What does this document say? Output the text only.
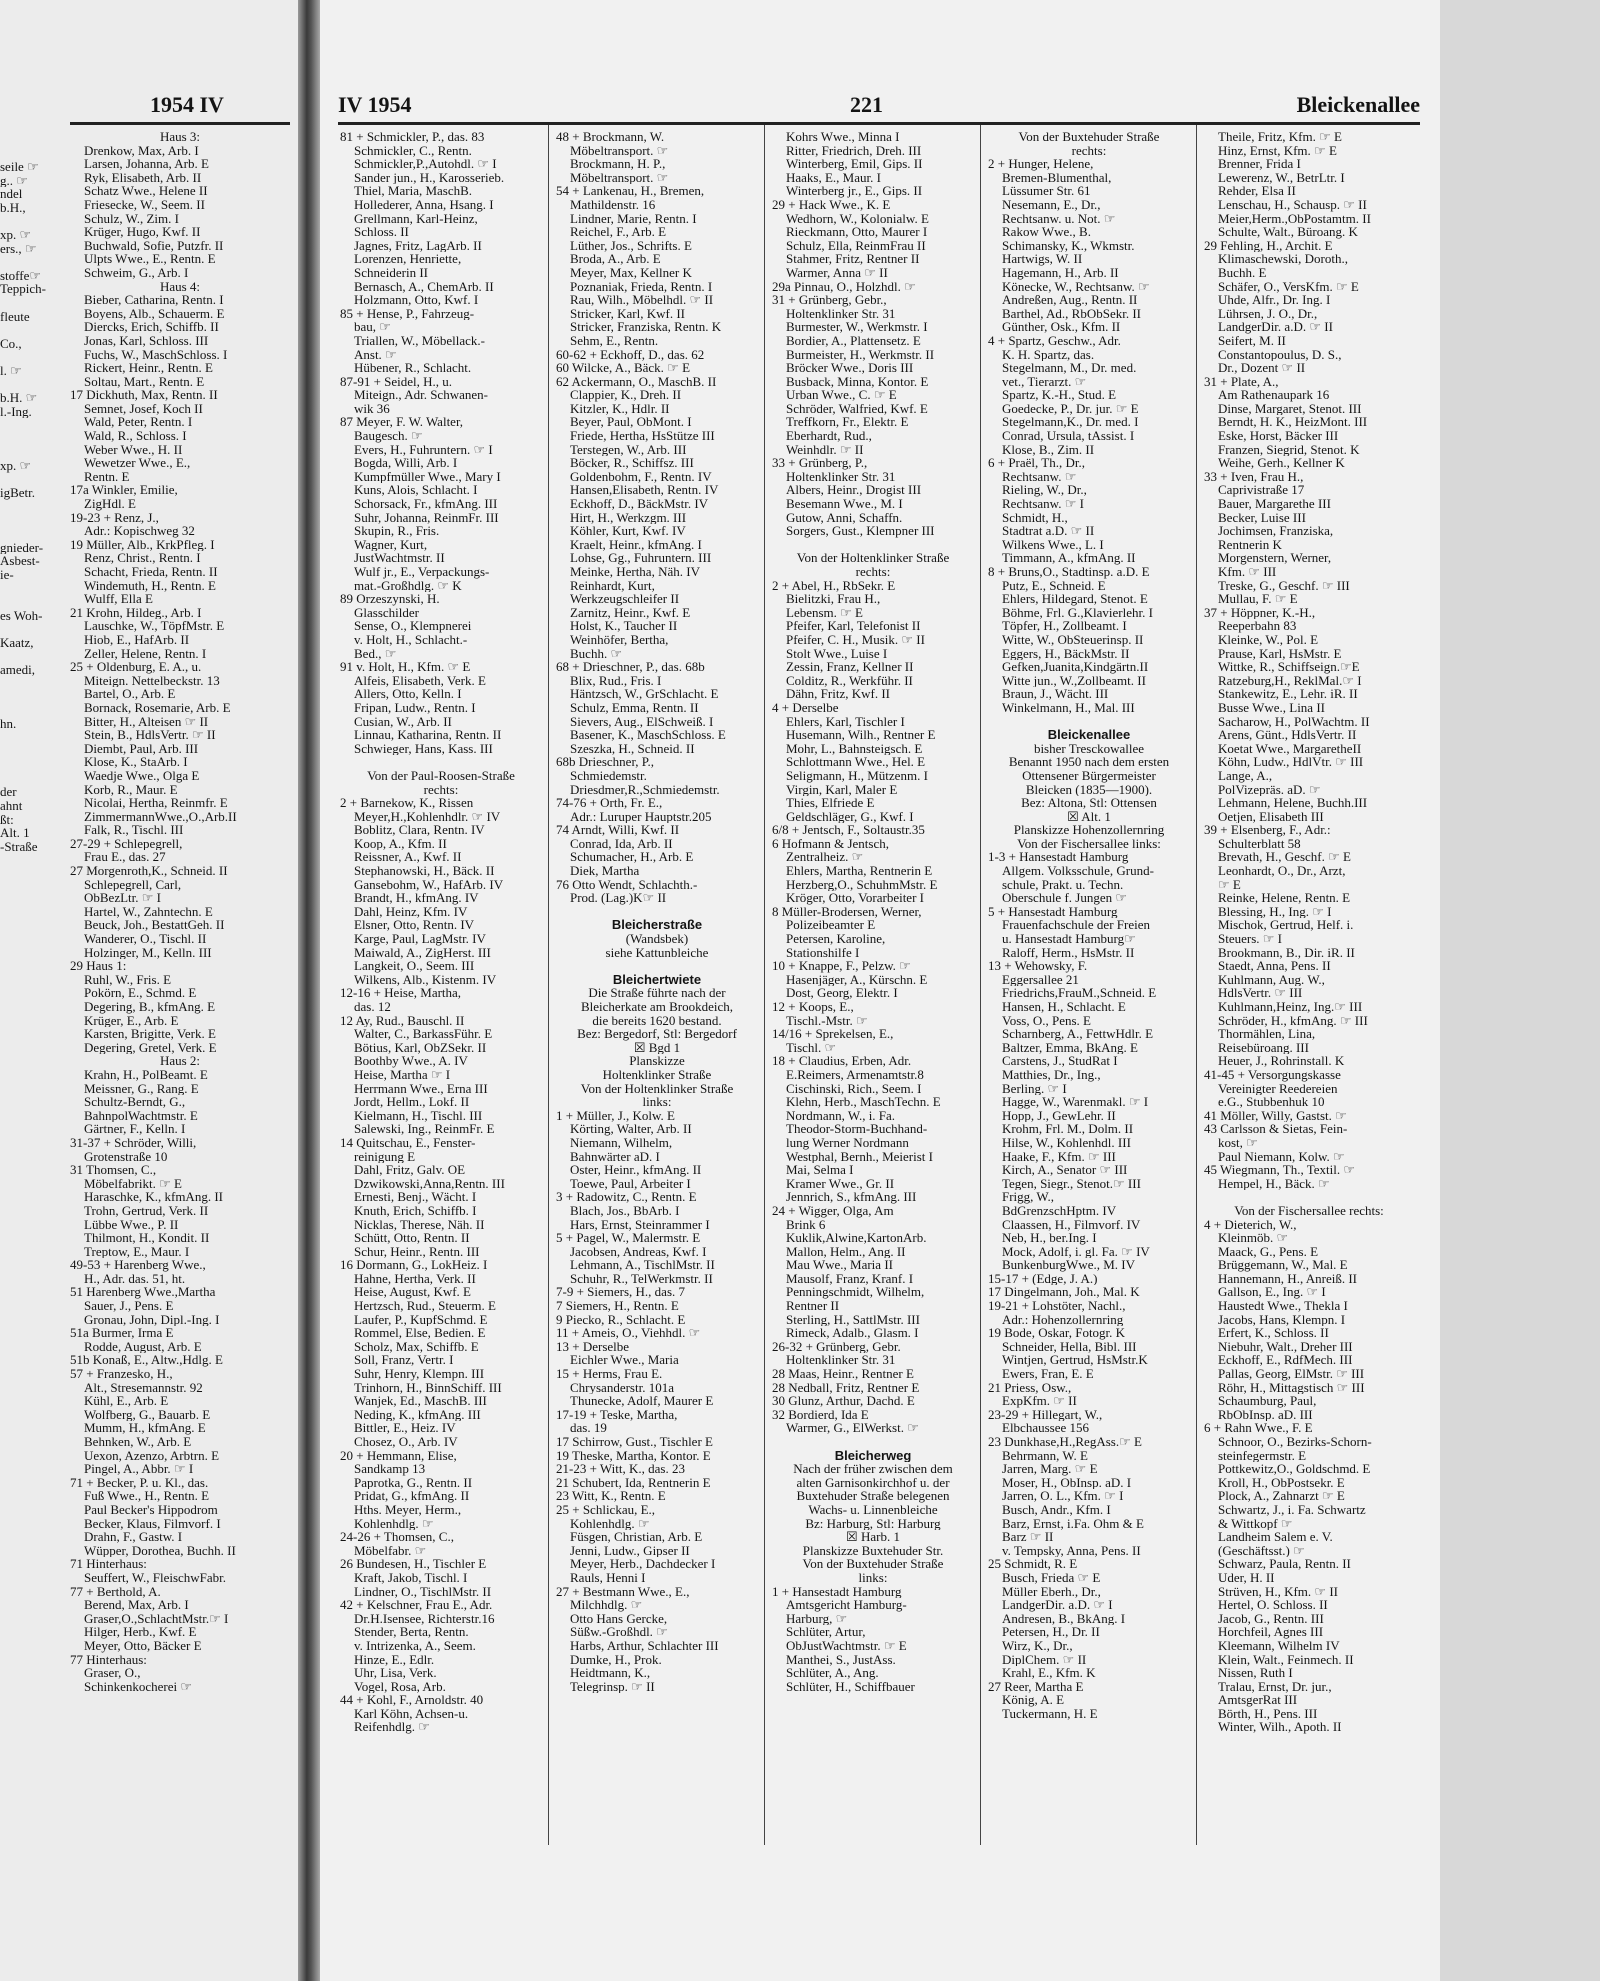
seile ☞
g.. ☞
ndel
b.H.,
xp. ☞
ers., ☞
stoffe☞
Teppich-
fleute
Co.,
l. ☞
b.H. ☞
l.-Ing.
xp. ☞
igBetr.
gnieder-
Asbest-
ie-
es Woh-
Kaatz,
amedi,
hn.
der
ahnt
ßt:
Alt. 1
-Straße
1954 IV
Haus 3:
Drenkow, Max, Arb. I
Larsen, Johanna, Arb. E
Ryk, Elisabeth, Arb. II
Schatz Wwe., Helene II
Friesecke, W., Seem. II
Schulz, W., Zim. I
Krüger, Hugo, Kwf. II
Buchwald, Sofie, Putzfr. II
Ulpts Wwe., E., Rentn. E
Schweim, G., Arb. I
Haus 4:
Bieber, Catharina, Rentn. I
Boyens, Alb., Schauerm. E
Diercks, Erich, Schiffb. II
Jonas, Karl, Schloss. III
Fuchs, W., MaschSchloss. I
Rickert, Heinr., Rentn. E
Soltau, Mart., Rentn. E
17 Dickhuth, Max, Rentn. II
Semnet, Josef, Koch II
Wald, Peter, Rentn. I
Wald, R., Schloss. I
Weber Wwe., H. II
Wewetzer Wwe., E.,
Rentn. E
17a Winkler, Emilie,
ZigHdl. E
19-23 + Renz, J.,
Adr.: Kopischweg 32
19 Müller, Alb., KrkPfleg. I
Renz, Christ., Rentn. I
Schacht, Frieda, Rentn. II
Windemuth, H., Rentn. E
Wulff, Ella E
21 Krohn, Hildeg., Arb. I
Lauschke, W., TöpfMstr. E
Hiob, E., HafArb. II
Zeller, Helene, Rentn. I
25 + Oldenburg, E. A., u.
Miteign. Nettelbeckstr. 13
Bartel, O., Arb. E
Bornack, Rosemarie, Arb. E
Bitter, H., Alteisen ☞ II
Stein, B., HdlsVertr. ☞ II
Diembt, Paul, Arb. III
Klose, K., StaArb. I
Waedje Wwe., Olga E
Korb, R., Maur. E
Nicolai, Hertha, Reinmfr. E
ZimmermannWwe.,O.,Arb.II
Falk, R., Tischl. III
27-29 + Schlepegrell,
Frau E., das. 27
27 Morgenroth,K., Schneid. II
Schlepegrell, Carl,
ObBezLtr. ☞ I
Hartel, W., Zahntechn. E
Beuck, Joh., BestattGeh. II
Wanderer, O., Tischl. II
Holzinger, M., Kelln. III
29 Haus 1:
Ruhl, W., Fris. E
Pokörn, E., Schmd. E
Degering, B., kfmAng. E
Krüger, E., Arb. E
Karsten, Brigitte, Verk. E
Degering, Gretel, Verk. E
Haus 2:
Krahn, H., PolBeamt. E
Meissner, G., Rang. E
Schultz-Berndt, G.,
BahnpolWachtmstr. E
Gärtner, F., Kelln. I
31-37 + Schröder, Willi,
Grotenstraße 10
31 Thomsen, C.,
Möbelfabrikt. ☞ E
Haraschke, K., kfmAng. II
Trohn, Gertrud, Verk. II
Lübbe Wwe., P. II
Thilmont, H., Kondit. II
Treptow, E., Maur. I
49-53 + Harenberg Wwe.,
H., Adr. das. 51, ht.
51 Harenberg Wwe.,Martha
Sauer, J., Pens. E
Gronau, John, Dipl.-Ing. I
51a Burmer, Irma E
Rodde, August, Arb. E
51b Konaß, E., Altw.,Hdlg. E
57 + Franzesko, H.,
Alt., Stresemannstr. 92
Kühl, E., Arb. E
Wolfberg, G., Bauarb. E
Mumm, H., kfmAng. E
Behnken, W., Arb. E
Uexon, Azenzo, Arbtrn. E
Pingel, A., Abbr. ☞ I
71 + Becker, P. u. Kl., das.
Fuß Wwe., H., Rentn. E
Paul Becker's Hippodrom
Becker, Klaus, Filmvorf. I
Drahn, F., Gastw. I
Wüpper, Dorothea, Buchh. II
71 Hinterhaus:
Seuffert, W., FleischwFabr.
77 + Berthold, A.
Berend, Max, Arb. I
Graser,O.,SchlachtMstr.☞ I
Hilger, Herb., Kwf. E
Meyer, Otto, Bäcker E
77 Hinterhaus:
Graser, O.,
Schinkenkocherei ☞
IV 1954	221	Bleickenallee
81 + Schmickler, P., das. 83
Schmickler, C., Rentn.
Schmickler,P.,Autohdl. ☞ I
Sander jun., H., Karosserieb.
Thiel, Maria, MaschB.
Hollederer, Anna, Hsang. I
Grellmann, Karl-Heinz,
Schloss. II
Jagnes, Fritz, LagArb. II
Lorenzen, Henriette,
Schneiderin II
Bernasch, A., ChemArb. II
Holzmann, Otto, Kwf. I
85 + Hense, P., Fahrzeug-
bau, ☞
Triallen, W., Möbellack.-
Anst. ☞
Hübener, R., Schlacht.
87-91 + Seidel, H., u.
Miteign., Adr. Schwanen-
wik 36
87 Meyer, F. W. Walter,
Baugesch. ☞
Evers, H., Fuhruntern. ☞ I
Bogda, Willi, Arb. I
Kumpfmüller Wwe., Mary I
Kuns, Alois, Schlacht. I
Schorsack, Fr., kfmAng. III
Suhr, Johanna, ReinmFr. III
Skupin, R., Fris.
Wagner, Kurt,
JustWachtmstr. II
Wulf jr., E., Verpackungs-
mat.-Großhdlg. ☞ K
89 Orzeszynski, H.
Glasschilder
Sense, O., Klempnerei
v. Holt, H., Schlacht.-
Bed., ☞
91 v. Holt, H., Kfm. ☞ E
Alfeis, Elisabeth, Verk. E
Allers, Otto, Kelln. I
Fripan, Ludw., Rentn. I
Cusian, W., Arb. II
Linnau, Katharina, Rentn. II
Schwieger, Hans, Kass. III
Von der Paul-Roosen-Straße
rechts:
2 + Barnekow, K., Rissen
Meyer,H.,Kohlenhdlr. ☞ IV
Boblitz, Clara, Rentn. IV
Koop, A., Kfm. II
Reissner, A., Kwf. II
Stephanowski, H., Bäck. II
Gansebohm, W., HafArb. IV
Brandt, H., kfmAng. IV
Dahl, Heinz, Kfm. IV
Elsner, Otto, Rentn. IV
Karge, Paul, LagMstr. IV
Maiwald, A., ZigHerst. III
Langkeit, O., Seem. III
Wilkens, Alb., Kistenm. IV
12-16 + Heise, Martha,
das. 12
12 Ay, Rud., Bauschl. II
Walter, C., BarkassFühr. E
Bötius, Karl, ObZSekr. II
Boothby Wwe., A. IV
Heise, Martha ☞ I
Herrmann Wwe., Erna III
Jordt, Hellm., Lokf. II
Kielmann, H., Tischl. III
Salewski, Ing., ReinmFr. E
14 Quitschau, E., Fenster-
reinigung E
Dahl, Fritz, Galv. OE
Dzwikowski,Anna,Rentn. III
Ernesti, Benj., Wächt. I
Knuth, Erich, Schiffb. I
Nicklas, Therese, Näh. II
Schütt, Otto, Rentn. II
Schur, Heinr., Rentn. III
16 Dormann, G., LokHeiz. I
Hahne, Hertha, Verk. II
Heise, August, Kwf. E
Hertzsch, Rud., Steuerm. E
Laufer, P., KupfSchmd. E
Rommel, Else, Bedien. E
Scholz, Max, Schiffb. E
Soll, Franz, Vertr. I
Suhr, Henry, Klempn. III
Trinhorn, H., BinnSchiff. III
Wanjek, Ed., MaschB. III
Neding, K., kfmAng. III
Bittler, E., Heiz. IV
Chosez, O., Arb. IV
20 + Hemmann, Elise,
Sandkamp 13
Paprotka, G., Rentn. II
Pridat, G., kfmAng. II
Hths. Meyer, Herm.,
Kohlenhdlg. ☞
24-26 + Thomsen, C.,
Möbelfabr. ☞
26 Bundesen, H., Tischler E
Kraft, Jakob, Tischl. I
Lindner, O., TischlMstr. II
42 + Kelschner, Frau E., Adr.
Dr.H.Isensee, Richterstr.16
Stender, Berta, Rentn.
v. Intrizenka, A., Seem.
Hinze, E., Edlr.
Uhr, Lisa, Verk.
Vogel, Rosa, Arb.
44 + Kohl, F., Arnoldstr. 40
Karl Köhn, Achsen-u.
Reifenhdlg. ☞
48 + Brockmann, W.
Möbeltransport. ☞
Brockmann, H. P.,
Möbeltransport. ☞
54 + Lankenau, H., Bremen,
Mathildenstr. 16
Lindner, Marie, Rentn. I
Reichel, F., Arb. E
Lüther, Jos., Schrifts. E
Broda, A., Arb. E
Meyer, Max, Kellner K
Poznaniak, Frieda, Rentn. I
Rau, Wilh., Möbelhdl. ☞ II
Stricker, Karl, Kwf. II
Stricker, Franziska, Rentn. K
Sehm, E., Rentn.
60-62 + Eckhoff, D., das. 62
60 Wilcke, A., Bäck. ☞ E
62 Ackermann, O., MaschB. II
Clappier, K., Dreh. II
Kitzler, K., Hdlr. II
Beyer, Paul, ObMont. I
Friede, Hertha, HsStütze III
Terstegen, W., Arb. III
Böcker, R., Schiffsz. III
Goldenbohm, F., Rentn. IV
Hansen,Elisabeth, Rentn. IV
Eckhoff, D., BäckMstr. IV
Hirt, H., Werkzgm. III
Köhler, Kurt, Kwf. IV
Kraelt, Heinr., kfmAng. I
Lohse, Gg., Fuhruntern. III
Meinke, Hertha, Näh. IV
Reinhardt, Kurt,
Werkzeugschleifer II
Zarnitz, Heinr., Kwf. E
Holst, K., Taucher II
Weinhöfer, Bertha,
Buchh. ☞
68 + Drieschner, P., das. 68b
Blix, Rud., Fris. I
Häntzsch, W., GrSchlacht. E
Schulz, Emma, Rentn. II
Sievers, Aug., ElSchweiß. I
Basener, K., MaschSchloss. E
Szeszka, H., Schneid. II
68b Drieschner, P.,
Schmiedemstr.
Driesdmer,R.,Schmiedemstr.
74-76 + Orth, Fr. E.,
Adr.: Luruper Hauptstr.205
74 Arndt, Willi, Kwf. II
Conrad, Ida, Arb. II
Schumacher, H., Arb. E
Diek, Martha
76 Otto Wendt, Schlachth.-
Prod. (Lag.)K☞ II
Bleicherstraße
(Wandsbek)
siehe Kattunbleiche
Bleichertwiete
Die Straße führte nach der
Bleicherkate am Brookdeich,
die bereits 1620 bestand.
Bez: Bergedorf, Stl: Bergedorf
☒ Bgd 1
Planskizze
Holtenklinker Straße
Von der Holtenklinker Straße
links:
1 + Müller, J., Kolw. E
Körting, Walter, Arb. II
Niemann, Wilhelm,
Bahnwärter aD. I
Oster, Heinr., kfmAng. II
Toewe, Paul, Arbeiter I
3 + Radowitz, C., Rentn. E
Blach, Jos., BbArb. I
Hars, Ernst, Steinrammer I
5 + Pagel, W., Malermstr. E
Jacobsen, Andreas, Kwf. I
Lehmann, A., TischlMstr. II
Schuhr, R., TelWerkmstr. II
7-9 + Siemers, H., das. 7
7 Siemers, H., Rentn. E
9 Piecko, R., Schlacht. E
11 + Ameis, O., Viehhdl. ☞
13 + Derselbe
Eichler Wwe., Maria
15 + Herms, Frau E.
Chrysanderstr. 101a
Thunecke, Adolf, Maurer E
17-19 + Teske, Martha,
das. 19
17 Schirrow, Gust., Tischler E
19 Theske, Martha, Kontor. E
21-23 + Witt, K., das. 23
21 Schubert, Ida, Rentnerin E
23 Witt, K., Rentn. E
25 + Schlickau, E.,
Kohlenhdlg. ☞
Füsgen, Christian, Arb. E
Jenni, Ludw., Gipser II
Meyer, Herb., Dachdecker I
Rauls, Henni I
27 + Bestmann Wwe., E.,
Milchhdlg. ☞
Otto Hans Gercke,
Süßw.-Großhdl. ☞
Harbs, Arthur, Schlachter III
Dumke, H., Prok.
Heidtmann, K.,
Telegrinsp. ☞ II
Kohrs Wwe., Minna I
Ritter, Friedrich, Dreh. III
Winterberg, Emil, Gips. II
Haaks, E., Maur. I
Winterberg jr., E., Gips. II
29 + Hack Wwe., K. E
Wedhorn, W., Kolonialw. E
Rieckmann, Otto, Maurer I
Schulz, Ella, ReinmFrau II
Stahmer, Fritz, Rentner II
Warmer, Anna ☞ II
29a Pinnau, O., Holzhdl. ☞
31 + Grünberg, Gebr.,
Holtenklinker Str. 31
Burmester, W., Werkmstr. I
Bordier, A., Plattensetz. E
Burmeister, H., Werkmstr. II
Bröcker Wwe., Doris III
Busback, Minna, Kontor. E
Urban Wwe., C. ☞ E
Schröder, Walfried, Kwf. E
Treffkorn, Fr., Elektr. E
Eberhardt, Rud.,
Weinhdlr. ☞ II
33 + Grünberg, P.,
Holtenklinker Str. 31
Albers, Heinr., Drogist III
Besemann Wwe., M. I
Gutow, Anni, Schaffn.
Sorgers, Gust., Klempner III
Von der Holtenklinker Straße
rechts:
2 + Abel, H., RbSekr. E
Bielitzki, Frau H.,
Lebensm. ☞ E
Pfeifer, Karl, Telefonist II
Pfeifer, C. H., Musik. ☞ II
Stolt Wwe., Luise I
Zessin, Franz, Kellner II
Colditz, R., Werkführ. II
Dähn, Fritz, Kwf. II
4 + Derselbe
Ehlers, Karl, Tischler I
Husemann, Wilh., Rentner E
Mohr, L., Bahnsteigsch. E
Schlottmann Wwe., Hel. E
Seligmann, H., Mützenm. I
Virgin, Karl, Maler E
Thies, Elfriede E
Geldschläger, G., Kwf. I
6/8 + Jentsch, F., Soltaustr.35
6 Hofmann & Jentsch,
Zentralheiz. ☞
Ehlers, Martha, Rentnerin E
Herzberg,O., SchuhmMstr. E
Kröger, Otto, Vorarbeiter I
8 Müller-Brodersen, Werner,
Polizeibeamter E
Petersen, Karoline,
Stationshilfe I
10 + Knappe, F., Pelzw. ☞
Hasenjäger, A., Kürschn. E
Dost, Georg, Elektr. I
12 + Koops, E.,
Tischl.-Mstr. ☞
14/16 + Sprekelsen, E.,
Tischl. ☞
18 + Claudius, Erben, Adr.
E.Reimers, Armenamtstr.8
Cischinski, Rich., Seem. I
Klehn, Herb., MaschTechn. E
Nordmann, W., i. Fa.
Theodor-Storm-Buchhand-
lung Werner Nordmann
Westphal, Bernh., Meierist I
Mai, Selma I
Kramer Wwe., Gr. II
Jennrich, S., kfmAng. III
24 + Wigger, Olga, Am
Brink 6
Kuklik,Alwine,KartonArb.
Mallon, Helm., Ang. II
Mau Wwe., Maria II
Mausolf, Franz, Kranf. I
Penningschmidt, Wilhelm,
Rentner II
Sterling, H., SattlMstr. III
Rimeck, Adalb., Glasm. I
26-32 + Grünberg, Gebr.
Holtenklinker Str. 31
28 Maas, Heinr., Rentner E
28 Nedball, Fritz, Rentner E
30 Glunz, Arthur, Dachd. E
32 Bordierd, Ida E
Warmer, G., ElWerkst. ☞
Bleicherweg
Nach der früher zwischen dem
alten Garnisonkirchhof u. der
Buxtehuder Straße belegenen
Wachs- u. Linnenbleiche
Bz: Harburg, Stl: Harburg
☒ Harb. 1
Planskizze Buxtehuder Str.
Von der Buxtehuder Straße
links:
1 + Hansestadt Hamburg
Amtsgericht Hamburg-
Harburg, ☞
Schlüter, Artur,
ObJustWachtmstr. ☞ E
Manthei, S., JustAss.
Schlüter, A., Ang.
Schlüter, H., Schiffbauer
Von der Buxtehuder Straße
rechts:
2 + Hunger, Helene,
Bremen-Blumenthal,
Lüssumer Str. 61
Nesemann, E., Dr.,
Rechtsanw. u. Not. ☞
Rakow Wwe., B.
Schimansky, K., Wkmstr.
Hartwigs, W. II
Hagemann, H., Arb. II
Könecke, W., Rechtsanw. ☞
Andreßen, Aug., Rentn. II
Barthel, Ad., RbObSekr. II
Günther, Osk., Kfm. II
4 + Spartz, Geschw., Adr.
K. H. Spartz, das.
Stegelmann, M., Dr. med.
vet., Tierarzt. ☞
Spartz, K.-H., Stud. E
Goedecke, P., Dr. jur. ☞ E
Stegelmann,K., Dr. med. I
Conrad, Ursula, tAssist. I
Klose, B., Zim. II
6 + Praël, Th., Dr.,
Rechtsanw. ☞
Rieling, W., Dr.,
Rechtsanw. ☞ I
Schmidt, H.,
Stadtrat a.D. ☞ II
Wilkens Wwe., L. I
Timmann, A., kfmAng. II
8 + Bruns,O., Stadtinsp. a.D. E
Putz, E., Schneid. E
Ehlers, Hildegard, Stenot. E
Böhme, Frl. G.,Klavierlehr. I
Töpfer, H., Zollbeamt. I
Witte, W., ObSteuerinsp. II
Eggers, H., BäckMstr. II
Gefken,Juanita,Kindgärtn.II
Witte jun., W.,Zollbeamt. II
Braun, J., Wächt. III
Winkelmann, H., Mal. III
Bleickenallee
bisher Tresckowallee
Benannt 1950 nach dem ersten
Ottensener Bürgermeister
Bleicken (1835—1900).
Bez: Altona, Stl: Ottensen
☒ Alt. 1
Planskizze Hohenzollernring
Von der Fischersallee links:
1-3 + Hansestadt Hamburg
Allgem. Volksschule, Grund-
schule, Prakt. u. Techn.
Oberschule f. Jungen ☞
5 + Hansestadt Hamburg
Frauenfachschule der Freien
u. Hansestadt Hamburg☞
Raloff, Herm., HsMstr. II
13 + Wehowsky, F.
Eggersallee 21
Friedrichs,FrauM.,Schneid. E
Hansen, H., Schlacht. E
Voss, O., Pens. E
Scharnberg, A., FettwHdlr. E
Baltzer, Emma, BkAng. E
Carstens, J., StudRat I
Matthies, Dr., Ing.,
Berling. ☞ I
Hagge, W., Warenmakl. ☞ I
Hopp, J., GewLehr. II
Krohm, Frl. M., Dolm. II
Hilse, W., Kohlenhdl. III
Haake, F., Kfm. ☞ III
Kirch, A., Senator ☞ III
Tegen, Siegr., Stenot.☞ III
Frigg, W.,
BdGrenzschHptm. IV
Claassen, H., Filmvorf. IV
Neb, H., ber.Ing. I
Mock, Adolf, i. gl. Fa. ☞ IV
BunkenburgWwe., M. IV
15-17 + (Edge, J. A.)
17 Dingelmann, Joh., Mal. K
19-21 + Lohstöter, Nachl.,
Adr.: Hohenzollernring
19 Bode, Oskar, Fotogr. K
Schneider, Hella, Bibl. III
Wintjen, Gertrud, HsMstr.K
Ewers, Fran, E. E
21 Priess, Osw.,
ExpKfm. ☞ II
23-29 + Hillegart, W.,
Elbchaussee 156
23 Dunkhase,H.,RegAss.☞ E
Behrmann, W. E
Jarren, Marg. ☞ E
Moser, H., ObInsp. aD. I
Jarren, O. L., Kfm. ☞ I
Busch, Andr., Kfm. I
Barz, Ernst, i.Fa. Ohm & E
Barz ☞ II
v. Tempsky, Anna, Pens. II
25 Schmidt, R. E
Busch, Frieda ☞ E
Müller Eberh., Dr.,
LandgerDir. a.D. ☞ I
Andresen, B., BkAng. I
Petersen, H., Dr. II
Wirz, K., Dr.,
DiplChem. ☞ II
Krahl, E., Kfm. K
27 Reer, Martha E
König, A. E
Tuckermann, H. E
Theile, Fritz, Kfm. ☞ E
Hinz, Ernst, Kfm. ☞ E
Brenner, Frida I
Lewerenz, W., BetrLtr. I
Rehder, Elsa II
Lenschau, H., Schausp. ☞ II
Meier,Herm.,ObPostamtm. II
Schulte, Walt., Büroang. K
29 Fehling, H., Archit. E
Klimaschewski, Doroth.,
Buchh. E
Schäfer, O., VersKfm. ☞ E
Uhde, Alfr., Dr. Ing. I
Lührsen, J. O., Dr.,
LandgerDir. a.D. ☞ II
Seifert, M. II
Constantopoulus, D. S.,
Dr., Dozent ☞ II
31 + Plate, A.,
Am Rathenaupark 16
Dinse, Margaret, Stenot. III
Berndt, H. K., HeizMont. III
Eske, Horst, Bäcker III
Franzen, Siegrid, Stenot. K
Weihe, Gerh., Kellner K
33 + Iven, Frau H.,
Caprivistraße 17
Bauer, Margarethe III
Becker, Luise III
Jochimsen, Franziska,
Rentnerin K
Morgenstern, Werner,
Kfm. ☞ III
Treske, G., Geschf. ☞ III
Mullau, F. ☞ E
37 + Höppner, K.-H.,
Reeperbahn 83
Kleinke, W., Pol. E
Prause, Karl, HsMstr. E
Wittke, R., Schiffseign.☞E
Ratzeburg,H., ReklMal.☞ I
Stankewitz, E., Lehr. iR. II
Busse Wwe., Lina II
Sacharow, H., PolWachtm. II
Arens, Günt., HdlsVertr. II
Koetat Wwe., MargaretheII
Köhn, Ludw., HdlVtr. ☞ III
Lange, A.,
PolVizepräs. aD. ☞
Lehmann, Helene, Buchh.III
Oetjen, Elisabeth III
39 + Elsenberg, F., Adr.:
Schulterblatt 58
Brevath, H., Geschf. ☞ E
Leonhardt, O., Dr., Arzt,
☞ E
Reinke, Helene, Rentn. E
Blessing, H., Ing. ☞ I
Mischok, Gertrud, Helf. i.
Steuers. ☞ I
Brookmann, B., Dir. iR. II
Staedt, Anna, Pens. II
Kuhlmann, Aug. W.,
HdlsVertr. ☞ III
Kuhlmann,Heinz, Ing.☞ III
Schröder, H., kfmAng. ☞ III
Thormählen, Lina,
Reisebüroang. III
Heuer, J., Rohrinstall. K
41-45 + Versorgungskasse
Vereinigter Reedereien
e.G., Stubbenhuk 10
41 Möller, Willy, Gastst. ☞
43 Carlsson & Sietas, Fein-
kost, ☞
Paul Niemann, Kolw. ☞
45 Wiegmann, Th., Textil. ☞
Hempel, H., Bäck. ☞
Von der Fischersallee rechts:
4 + Dieterich, W.,
Kleinmöb. ☞
Maack, G., Pens. E
Brüggemann, W., Mal. E
Hannemann, H., Anreiß. II
Gallson, E., Ing. ☞ I
Haustedt Wwe., Thekla I
Jacobs, Hans, Klempn. I
Erfert, K., Schloss. II
Niebuhr, Walt., Dreher III
Eckhoff, E., RdfMech. III
Pallas, Georg, ElMstr. ☞ III
Röhr, H., Mittagstisch ☞ III
Schaumburg, Paul,
RbObInsp. aD. III
6 + Rahn Wwe., F. E
Schnoor, O., Bezirks-Schorn-
steinfegermstr. E
Pottkewitz,O., Goldschmd. E
Kroll, H., ObPostsekr. E
Plock, A., Zahnarzt ☞ E
Schwartz, J., i. Fa. Schwartz
& Wittkopf ☞
Landheim Salem e. V.
(Geschäftsst.) ☞
Schwarz, Paula, Rentn. II
Uder, H. II
Strüven, H., Kfm. ☞ II
Hertel, O. Schloss. II
Jacob, G., Rentn. III
Horchfeil, Agnes III
Kleemann, Wilhelm IV
Klein, Walt., Feinmech. II
Nissen, Ruth I
Tralau, Ernst, Dr. jur.,
AmtsgerRat III
Börth, H., Pens. III
Winter, Wilh., Apoth. II
